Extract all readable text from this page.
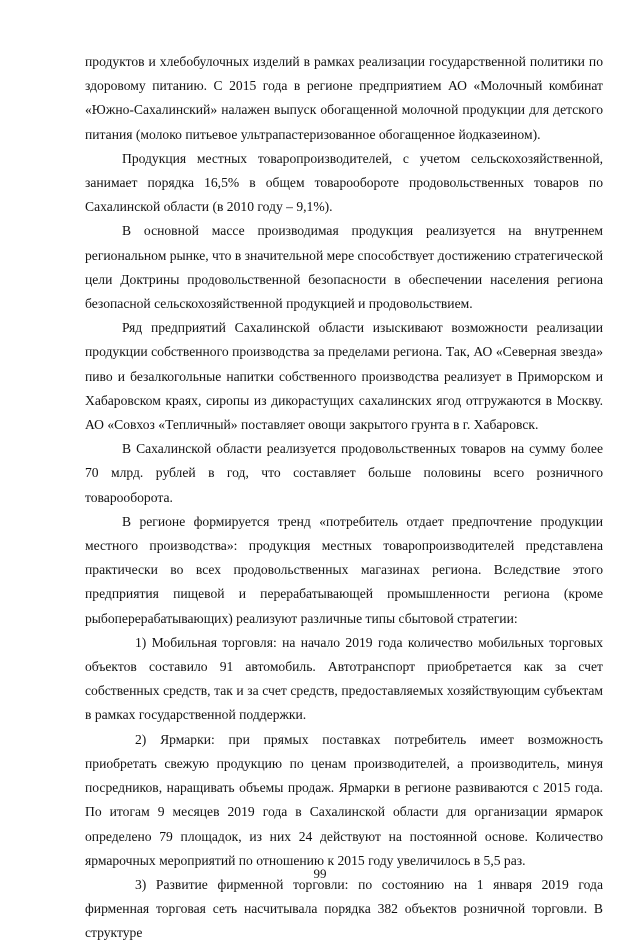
продуктов и хлебобулочных изделий в рамках реализации государственной политики по здоровому питанию. С 2015 года в регионе предприятием АО «Молочный комбинат «Южно-Сахалинский» налажен выпуск обогащенной молочной продукции для детского питания (молоко питьевое ультрапастеризованное обогащенное йодказеином).

Продукция местных товаропроизводителей, с учетом сельскохозяйственной, занимает порядка 16,5% в общем товарообороте продовольственных товаров по Сахалинской области (в 2010 году – 9,1%).

В основной массе производимая продукция реализуется на внутреннем региональном рынке, что в значительной мере способствует достижению стратегической цели Доктрины продовольственной безопасности в обеспечении населения региона безопасной сельскохозяйственной продукцией и продовольствием.

Ряд предприятий Сахалинской области изыскивают возможности реализации продукции собственного производства за пределами региона. Так, АО «Северная звезда» пиво и безалкогольные напитки собственного производства реализует в Приморском и Хабаровском краях, сиропы из дикорастущих сахалинских ягод отгружаются в Москву. АО «Совхоз «Тепличный» поставляет овощи закрытого грунта в г. Хабаровск.

В Сахалинской области реализуется продовольственных товаров на сумму более 70 млрд. рублей в год, что составляет больше половины всего розничного товарооборота.

В регионе формируется тренд «потребитель отдает предпочтение продукции местного производства»: продукция местных товаропроизводителей представлена практически во всех продовольственных магазинах региона. Вследствие этого предприятия пищевой и перерабатывающей промышленности региона (кроме рыбоперерабатывающих) реализуют различные типы сбытовой стратегии:

1) Мобильная торговля: на начало 2019 года количество мобильных торговых объектов составило 91 автомобиль. Автотранспорт приобретается как за счет собственных средств, так и за счет средств, предоставляемых хозяйствующим субъектам в рамках государственной поддержки.

2) Ярмарки: при прямых поставках потребитель имеет возможность приобретать свежую продукцию по ценам производителей, а производитель, минуя посредников, наращивать объемы продаж. Ярмарки в регионе развиваются с 2015 года. По итогам 9 месяцев 2019 года в Сахалинской области для организации ярмарок определено 79 площадок, из них 24 действуют на постоянной основе. Количество ярмарочных мероприятий по отношению к 2015 году увеличилось в 5,5 раз.

3) Развитие фирменной торговли: по состоянию на 1 января 2019 года фирменная торговая сеть насчитывала порядка 382 объектов розничной торговли. В структуре

99
